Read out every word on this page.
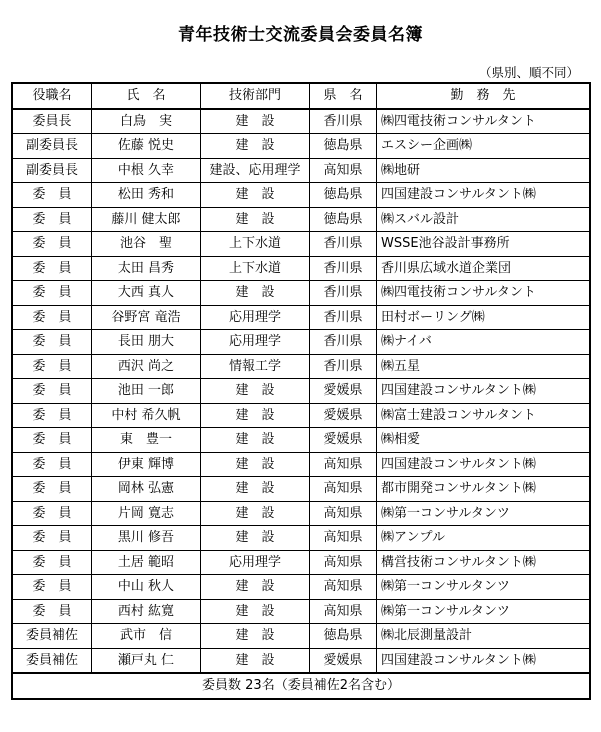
青年技術士交流委員会委員名簿
（県別、順不同）
役職名	氏　名	技術部門	県　名	勤　務　先
委員長	白鳥　実	建　設	香川県	㈱四電技術コンサルタント
副委員長	佐藤 悦史	建　設	徳島県	エスシー企画㈱
副委員長	中根 久幸	建設、応用理学	高知県	㈱地研
委　員	松田 秀和	建　設	徳島県	四国建設コンサルタント㈱
委　員	藤川 健太郎	建　設	徳島県	㈱スバル設計
委　員	池谷　聖	上下水道	香川県	WSSE池谷設計事務所
委　員	太田 昌秀	上下水道	香川県	香川県広域水道企業団
委　員	大西 真人	建　設	香川県	㈱四電技術コンサルタント
委　員	谷野宮 竜浩	応用理学	香川県	田村ボーリング㈱
委　員	長田 朋大	応用理学	香川県	㈱ナイバ
委　員	西沢 尚之	情報工学	香川県	㈱五星
委　員	池田 一郎	建　設	愛媛県	四国建設コンサルタント㈱
委　員	中村 希久帆	建　設	愛媛県	㈱富士建設コンサルタント
委　員	東　豊一	建　設	愛媛県	㈱相愛
委　員	伊東 輝博	建　設	高知県	四国建設コンサルタント㈱
委　員	岡林 弘憲	建　設	高知県	都市開発コンサルタント㈱
委　員	片岡 寛志	建　設	高知県	㈱第一コンサルタンツ
委　員	黒川 修吾	建　設	高知県	㈱アンプル
委　員	土居 範昭	応用理学	高知県	構営技術コンサルタント㈱
委　員	中山 秋人	建　設	高知県	㈱第一コンサルタンツ
委　員	西村 紘寛	建　設	高知県	㈱第一コンサルタンツ
委員補佐	武市　信	建　設	徳島県	㈱北辰測量設計
委員補佐	瀬戸丸 仁	建　設	愛媛県	四国建設コンサルタント㈱
委員数 23名（委員補佐2名含む）				
